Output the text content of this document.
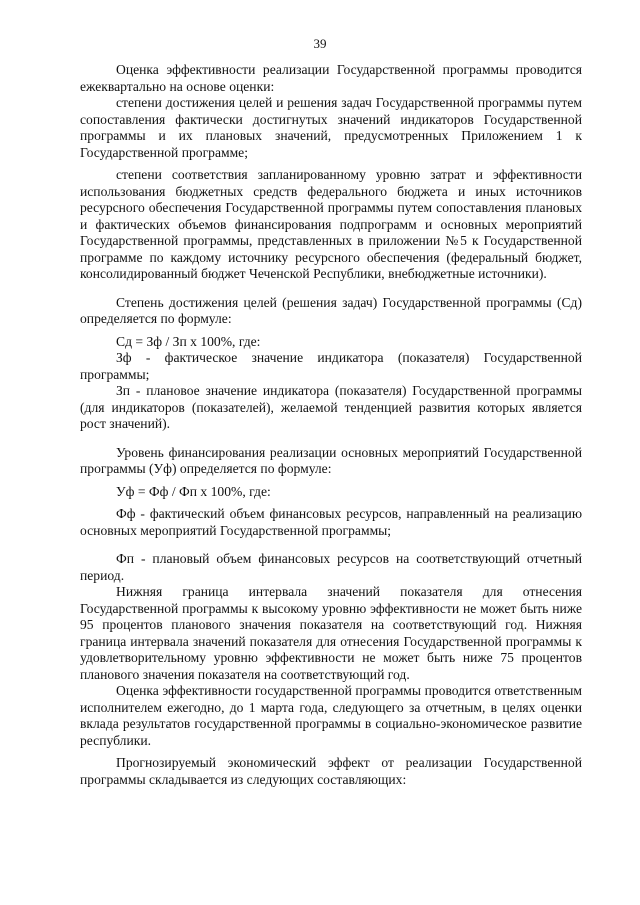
39

Оценка эффективности реализации Государственной программы проводится ежеквартально на основе оценки:

степени достижения целей и решения задач Государственной программы путем сопоставления фактически достигнутых значений индикаторов Государственной программы и их плановых значений, предусмотренных Приложением 1 к Государственной программе;

степени соответствия запланированному уровню затрат и эффективности использования бюджетных средств федерального бюджета и иных источников ресурсного обеспечения Государственной программы путем сопоставления плановых и фактических объемов финансирования подпрограмм и основных мероприятий Государственной программы, представленных в приложении №5 к Государственной программе по каждому источнику ресурсного обеспечения (федеральный бюджет, консолидированный бюджет Чеченской Республики, внебюджетные источники).

Степень достижения целей (решения задач) Государственной программы (Сд) определяется по формуле:

Сд = Зф / Зп х 100%, где:

Зф - фактическое значение индикатора (показателя) Государственной программы;

Зп - плановое значение индикатора (показателя) Государственной программы (для индикаторов (показателей), желаемой тенденцией развития которых является рост значений).

Уровень финансирования реализации основных мероприятий Государственной программы (Уф) определяется по формуле:

Уф = Фф / Фп х 100%, где:

Фф - фактический объем финансовых ресурсов, направленный на реализацию основных мероприятий Государственной программы;

Фп - плановый объем финансовых ресурсов на соответствующий отчетный период.

Нижняя граница интервала значений показателя для отнесения Государственной программы к высокому уровню эффективности не может быть ниже 95 процентов планового значения показателя на соответствующий год. Нижняя граница интервала значений показателя для отнесения Государственной программы к удовлетворительному уровню эффективности не может быть ниже 75 процентов планового значения показателя на соответствующий год.

Оценка эффективности государственной программы проводится ответственным исполнителем ежегодно, до 1 марта года, следующего за отчетным, в целях оценки вклада результатов государственной программы в социально-экономическое развитие республики.

Прогнозируемый экономический эффект от реализации Государственной программы складывается из следующих составляющих:
